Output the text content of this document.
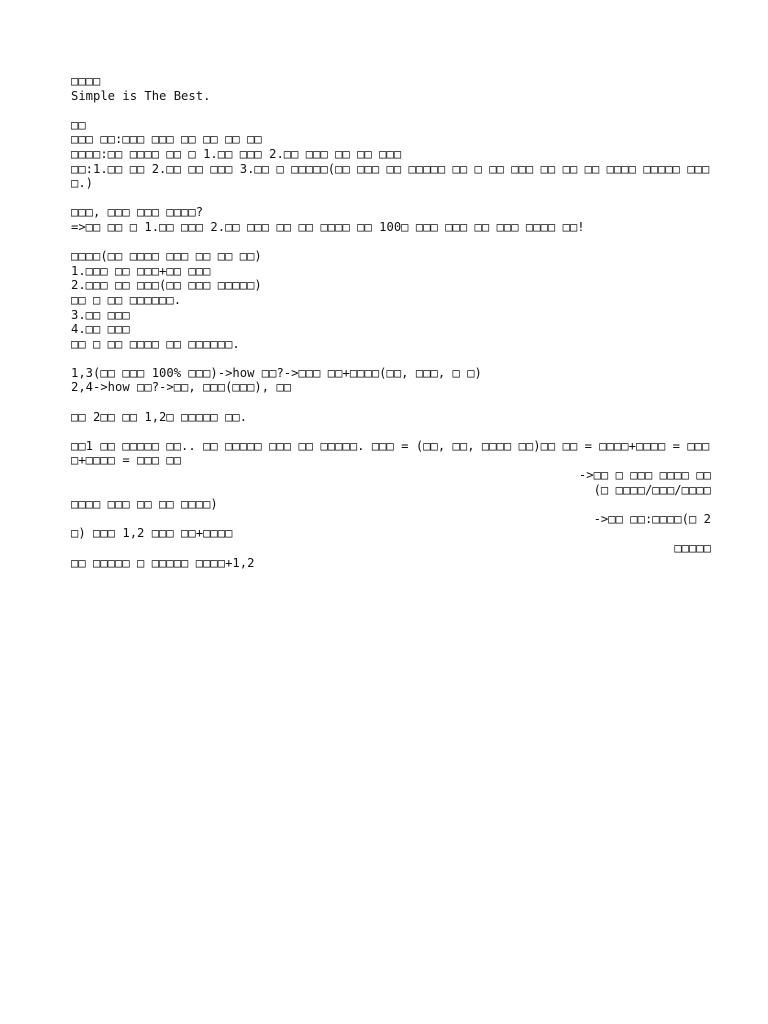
□□□□
Simple is The Best.
□□
□□□ □□:□□□ □□□ □□ □□ □□ □□
□□□□:□□ □□□□ □□ □ 1.□□ □□□ 2.□□ □□□ □□ □□ □□□
□□:1.□□ □□ 2.□□ □□ □□□ 3.□□ □ □□□□□(□□ □□□ □□ □□□□□ □□ □ □□ □□□ □□ □□ □□ □□□□ □□□□□ □□□□.)
□□□, □□□ □□□ □□□□?
=>□□ □□ □ 1.□□ □□□ 2.□□ □□□ □□ □□ □□□□ □□ 100□ □□□ □□□ □□ □□□ □□□□ □□!
□□□□(□□ □□□□ □□□ □□ □□ □□)
1.□□□ □□ □□□+□□ □□□
2.□□□ □□ □□□(□□ □□□ □□□□□)
□□ □ □□ □□□□□□.
3.□□ □□□
4.□□ □□□
□□ □ □□ □□□□ □□ □□□□□□.
1,3(□□ □□□ 100% □□□)->how □□?->□□□ □□+□□□□(□□, □□□, □ □)
2,4->how □□?->□□, □□□(□□□), □□
□□ 2□□ □□ 1,2□ □□□□□ □□.
□□1 □□ □□□□□ □□.. □□ □□□□□ □□□ □□ □□□□□. □□□ = (□□, □□, □□□□ □□)□□ □□ = □□□□+□□□□ = □□□□+□□□□ = □□□ □□
->□□ □ □□□ □□□□ □□
(□ □□□□/□□□/□□□□
□□□□ □□□ □□ □□ □□□□)
->□□ □□:□□□□(□ 2
□) □□□ 1,2 □□□ □□+□□□□
□□□□□
□□ □□□□□ □ □□□□□ □□□□+1,2
